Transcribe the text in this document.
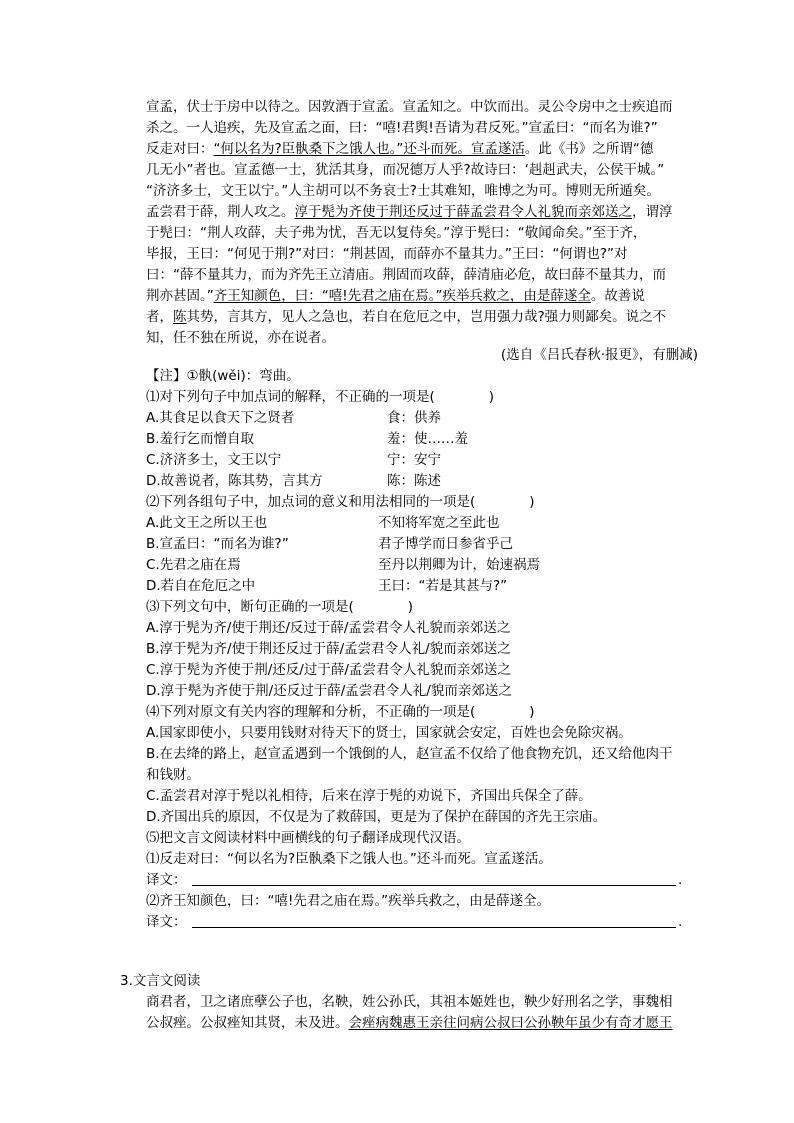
宣孟，伏士于房中以待之。因敦酒于宣孟。宣孟知之。中饮而出。灵公令房中之士疾追而
杀之。一人追疾，先及宣孟之面，曰：“嘻!君舆!吾请为君反死。”宣孟曰：“而名为谁?”
反走对曰：“何以名为?臣骫桑下之饿人也。”还斗而死。宣孟遂活。此《书》之所谓“德
几无小”者也。宣孟德一士，犹活其身，而况德万人乎?故诗曰：‘赳赳武夫，公侯干城。”
“济济多士，文王以宁。”人主胡可以不务哀士?士其难知，唯博之为可。博则无所遁矣。
孟尝君于薛，荆人攻之。淳于髡为齐使于荆还反过于薛孟尝君令人礼貌而亲郊送之，谓淳
于髡曰：“荆人攻薛，夫子弗为忧，吾无以复侍矣。”淳于髡曰：“敬闻命矣。”至于齐，
毕报，王曰：“何见于荆?”对曰：“荆甚固，而薛亦不量其力。”王曰：“何谓也?”对
曰：“薛不量其力，而为齐先王立清庙。荆固而攻薛，薛清庙必危，故曰薛不量其力，而
荆亦甚固。”齐王知颜色，曰：“嘻!先君之庙在焉。”疾举兵救之，由是薛遂全。故善说
者，陈其势，言其方，见人之急也，若自在危厄之中，岂用强力哉?强力则鄙矣。说之不
知，任不独在所说，亦在说者。
(选自《吕氏春秋·报更》，有删减)
【注】①骫(wěi)：弯曲。
⑴对下列句子中加点词的解释，不正确的一项是(　　　　)
A.其食足以食天下之贤者	食：供养
B.羞行乞而憎自取	羞：使……羞
C.济济多士，文王以宁	宁：安宁
D.故善说者，陈其势，言其方	陈：陈述
⑵下列各组句子中，加点词的意义和用法相同的一项是(　　　　)
A.此文王之所以王也	不知将军宽之至此也
B.宣孟曰：“而名为谁?”	君子博学而日参省乎己
C.先君之庙在焉	至丹以荆卿为计，始速祸焉
D.若自在危厄之中	王曰：“若是其甚与?”
⑶下列文句中，断句正确的一项是(　　　　)
A.淳于髡为齐/使于荆还/反过于薛/孟尝君令人礼貌而亲郊送之
B.淳于髡为齐/使于荆还反过于薛/孟尝君令人礼/貌而亲郊送之
C.淳于髡为齐使于荆/还反/过于薛/孟尝君令人礼貌而亲郊送之
D.淳于髡为齐使于荆/还反过于薛/孟尝君令人礼/貌而亲郊送之
⑷下列对原文有关内容的理解和分析，不正确的一项是(　　　　)
A.国家即使小，只要用钱财对待天下的贤士，国家就会安定，百姓也会免除灾祸。
B.在去绛的路上，赵宣孟遇到一个饿倒的人，赵宣孟不仅给了他食物充饥，还又给他肉干
和钱财。
C.孟尝君对淳于髡以礼相待，后来在淳于髡的劝说下，齐国出兵保全了薛。
D.齐国出兵的原因，不仅是为了救薛国，更是为了保护在薛国的齐先王宗庙。
⑸把文言文阅读材料中画横线的句子翻译成现代汉语。
⑴反走对曰：“何以名为?臣骫桑下之饿人也。”还斗而死。宣孟遂活。
译文：	.
⑵齐王知颜色，曰：“嘻!先君之庙在焉。”疾举兵救之，由是薛遂全。
译文：	.
3.文言文阅读
商君者，卫之诸庶孽公子也，名鞅，姓公孙氏，其祖本姬姓也，鞅少好刑名之学，事魏相
公叔痤。公叔痤知其贤，未及进。会痤病魏惠王亲往问病公叔曰公孙鞅年虽少有奇才愿王
